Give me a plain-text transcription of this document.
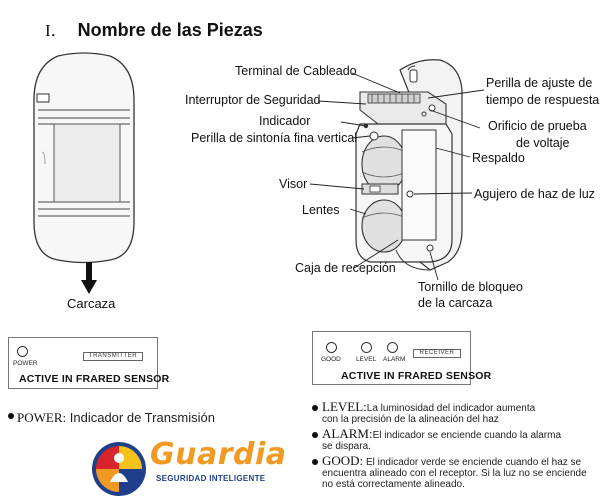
I． Nombre de las Piezas
Carcaza
Terminal de Cableado
Interruptor de Seguridad
Indicador
Perilla de sintonía fina vertical
Visor
Lentes
Caja de recepción
Perilla de ajuste de
tiempo de respuesta
Orificio de prueba
de voltaje
Respaldo
Agujero de haz de luz
Tornillo de bloqueo
de la carcaza
POWER
TRANSMITTER
ACTIVE IN FRARED SENSOR
GOOD LEVEL ALARM
RECEIVER
ACTIVE IN FRARED SENSOR
POWER: Indicador de Transmisión
LEVEL:La luminosidad del indicador aumenta
con la precisión de la alineación del haz
ALARM:El indicador se enciende cuando la alarma
se dispara.
GOOD: El indicador verde se enciende cuando el haz se
encuentra alineado con el receptor. Si la luz no se enciende
no está correctamente alineado.
Guardia
SEGURIDAD INTELIGENTE
